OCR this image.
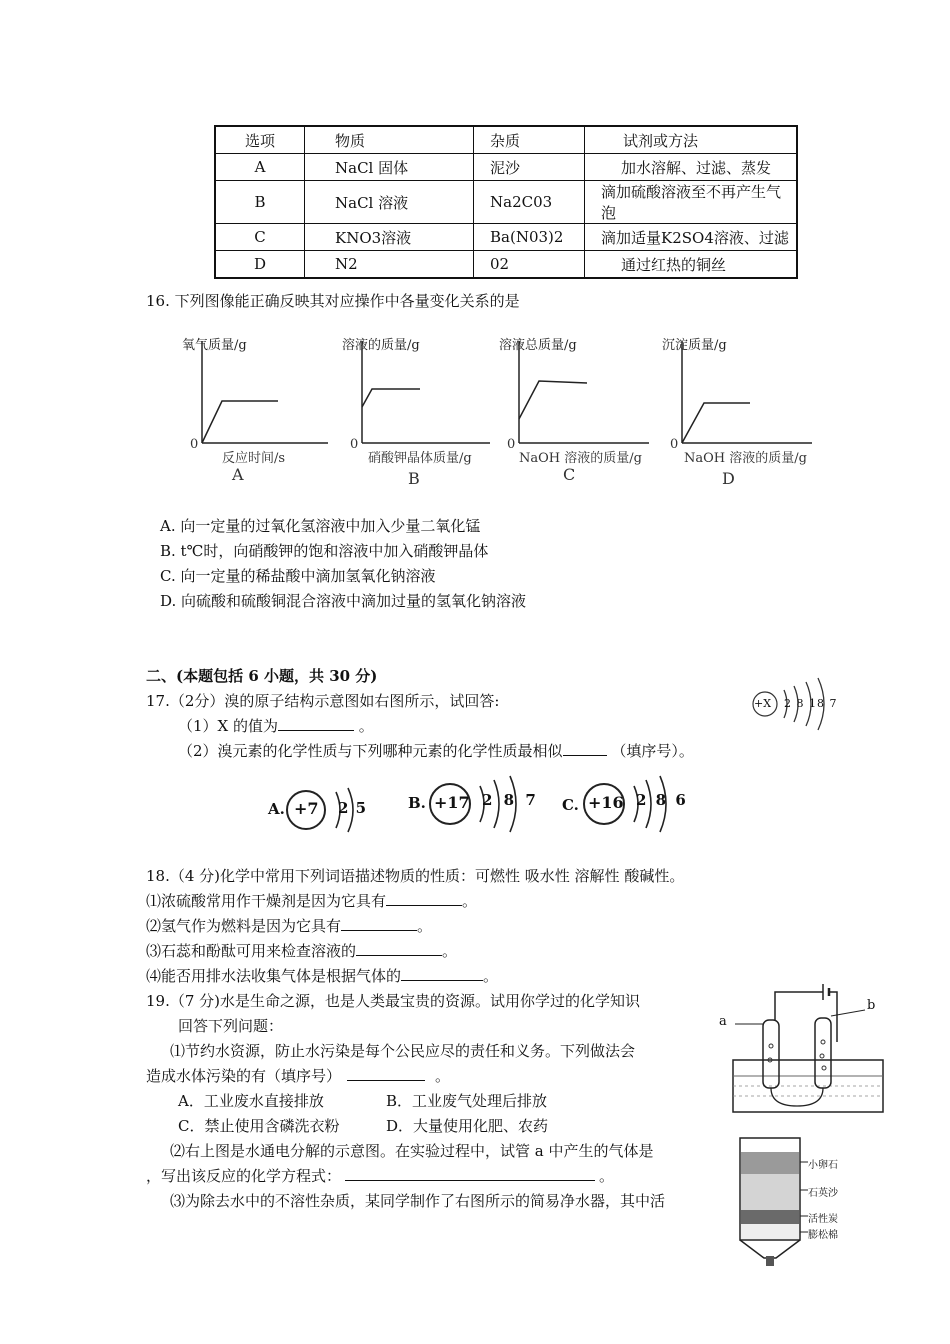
选项	物质	杂质	试剂或方法
A	NaCl 固体	泥沙	加水溶解、过滤、蒸发
B	NaCl 溶液	Na2C03	滴加硫酸溶液至不再产生气泡
C	KNO3溶液	Ba(N03)2	滴加适量K2SO4溶液、过滤
D	N2	02	通过红热的铜丝
16. 下列图像能正确反映其对应操作中各量变化关系的是
氧气质量/g
0
反应时间/s
A
溶液的质量/g
0
硝酸钾晶体质量/g
B
溶液总质量/g
0
NaOH 溶液的质量/g
C
沉淀质量/g
0
NaOH 溶液的质量/g
D
A. 向一定量的过氧化氢溶液中加入少量二氧化锰
B. t℃时，向硝酸钾的饱和溶液中加入硝酸钾晶体
C. 向一定量的稀盐酸中滴加氢氧化钠溶液
D. 向硫酸和硫酸铜混合溶液中滴加过量的氢氧化钠溶液
二、(本题包括 6 小题，共 30 分)
17.（2分）溴的原子结构示意图如右图所示，试回答:
（1）X 的值为	。
（2）溴元素的化学性质与下列哪种元素的化学性质最相似	（填序号）。
+X 2 8 18 7
A. +7 2 5	B. +17 2 8 7 C. +16 2 8 6
18.（4 分)化学中常用下列词语描述物质的性质：可燃性 吸水性 溶解性 酸碱性。
⑴浓硫酸常用作干燥剂是因为它具有	。
⑵氢气作为燃料是因为它具有	。
⑶石蕊和酚酞可用来检查溶液的	。
⑷能否用排水法收集气体是根据气体的	。
19.（7 分)水是生命之源，也是人类最宝贵的资源。试用你学过的化学知识
回答下列问题：
⑴节约水资源，防止水污染是每个公民应尽的责任和义务。下列做法会
造成水体污染的有（填序号）	。
A．工业废水直接排放	B．工业废气处理后排放
C．禁止使用含磷洗衣粉	D．大量使用化肥、农药
⑵右上图是水通电分解的示意图。在实验过程中，试管 a 中产生的气体是
，写出该反应的化学方程式：	。
⑶为除去水中的不溶性杂质，某同学制作了右图所示的简易净水器，其中活
a
b
小卵石
石英沙
活性炭
膨松棉
